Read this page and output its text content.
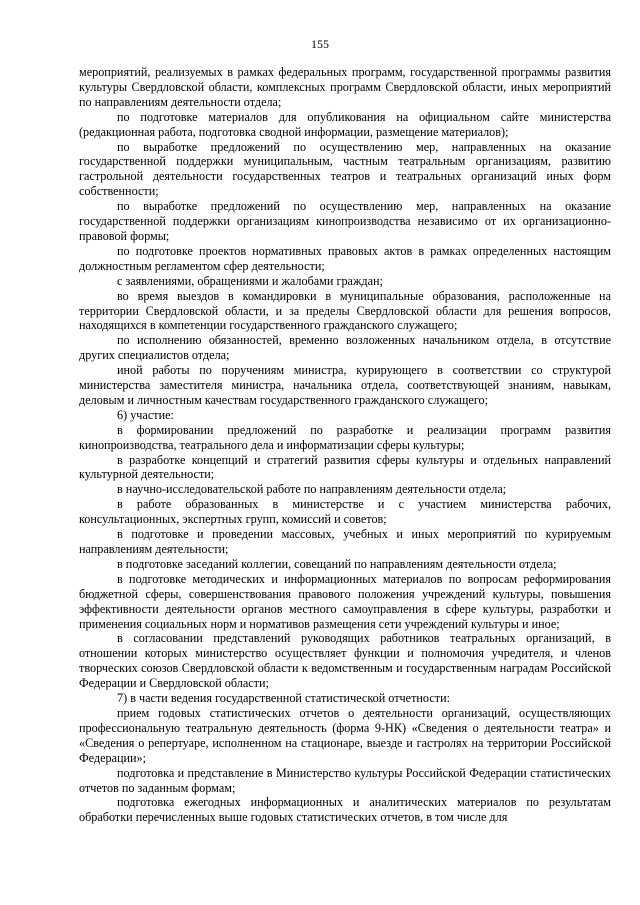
155

мероприятий, реализуемых в рамках федеральных программ, государственной программы развития культуры Свердловской области, комплексных программ Свердловской области, иных мероприятий по направлениям деятельности отдела;

по подготовке материалов для опубликования на официальном сайте министерства (редакционная работа, подготовка сводной информации, размещение материалов);

по выработке предложений по осуществлению мер, направленных на оказание государственной поддержки муниципальным, частным театральным организациям, развитию гастрольной деятельности государственных театров и театральных организаций иных форм собственности;

по выработке предложений по осуществлению мер, направленных на оказание государственной поддержки организациям кинопроизводства независимо от их организационно-правовой формы;

по подготовке проектов нормативных правовых актов в рамках определенных настоящим должностным регламентом сфер деятельности;

с заявлениями, обращениями и жалобами граждан;

во время выездов в командировки в муниципальные образования, расположенные на территории Свердловской области, и за пределы Свердловской области для решения вопросов, находящихся в компетенции государственного гражданского служащего;

по исполнению обязанностей, временно возложенных начальником отдела, в отсутствие других специалистов отдела;

иной работы по поручениям министра, курирующего в соответствии со структурой министерства заместителя министра, начальника отдела, соответствующей знаниям, навыкам, деловым и личностным качествам государственного гражданского служащего;

6) участие:

в формировании предложений по разработке и реализации программ развития кинопроизводства, театрального дела и информатизации сферы культуры;

в разработке концепций и стратегий развития сферы культуры и отдельных направлений культурной деятельности;

в научно-исследовательской работе по направлениям деятельности отдела;

в работе образованных в министерстве и с участием министерства рабочих, консультационных, экспертных групп, комиссий и советов;

в подготовке и проведении массовых, учебных и иных мероприятий по курируемым направлениям деятельности;

в подготовке заседаний коллегии, совещаний по направлениям деятельности отдела;

в подготовке методических и информационных материалов по вопросам реформирования бюджетной сферы, совершенствования правового положения учреждений культуры, повышения эффективности деятельности органов местного самоуправления в сфере культуры, разработки и применения социальных норм и нормативов размещения сети учреждений культуры и иное;

в согласовании представлений руководящих работников театральных организаций, в отношении которых министерство осуществляет функции и полномочия учредителя, и членов творческих союзов Свердловской области к ведомственным и государственным наградам Российской Федерации и Свердловской области;

7) в части ведения государственной статистической отчетности:

прием годовых статистических отчетов о деятельности организаций, осуществляющих профессиональную театральную деятельность (форма 9-НК) «Сведения о деятельности театра» и «Сведения о репертуаре, исполненном на стационаре, выезде и гастролях на территории Российской Федерации»;

подготовка и представление в Министерство культуры Российской Федерации статистических отчетов по заданным формам;

подготовка ежегодных информационных и аналитических материалов по результатам обработки перечисленных выше годовых статистических отчетов, в том числе для
